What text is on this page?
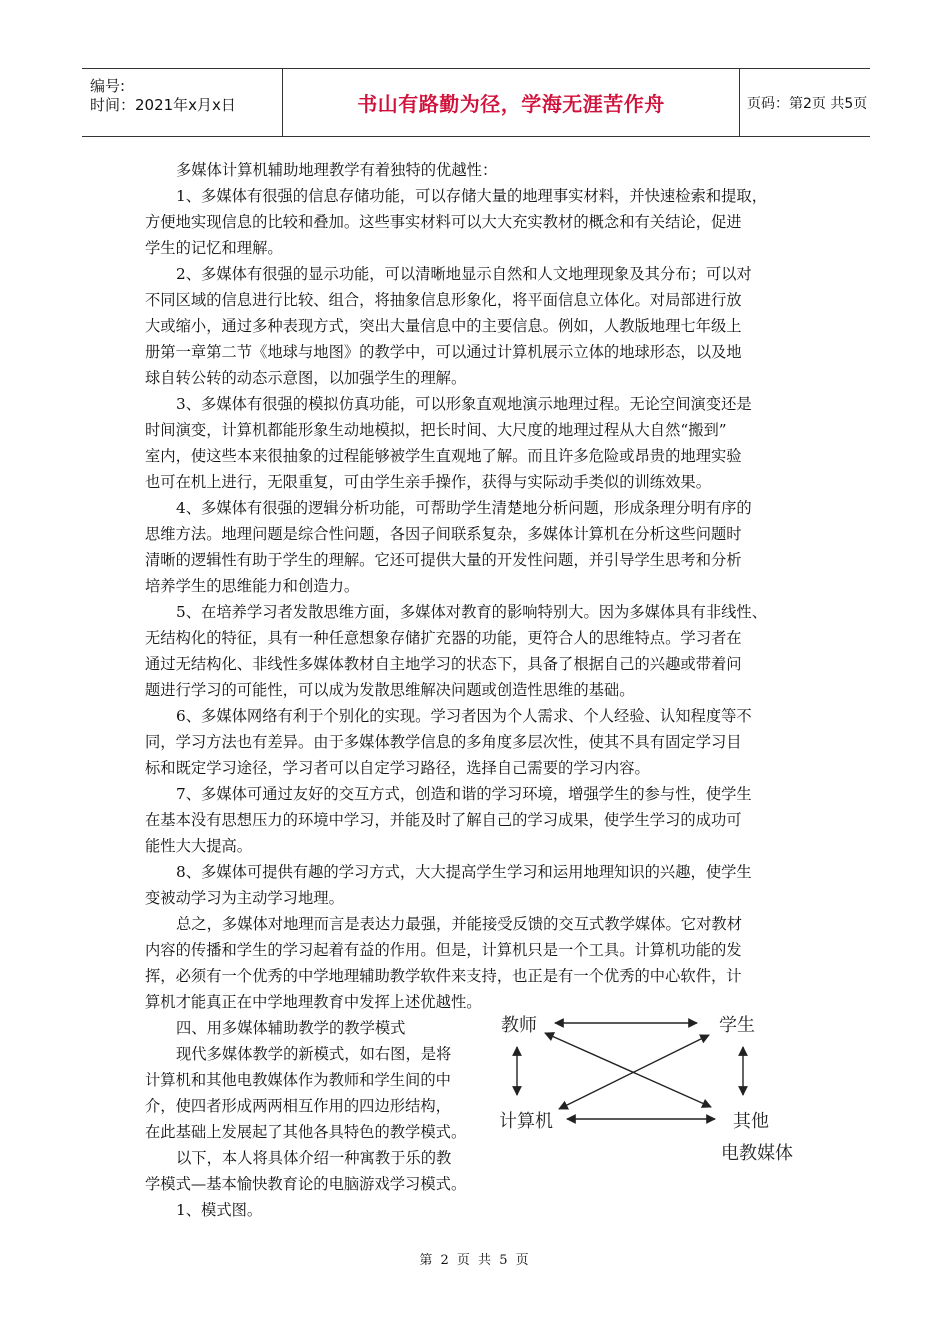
编号:
时间：2021年x月x日	书山有路勤为径，学海无涯苦作舟	页码：第2页 共5页
多媒体计算机辅助地理教学有着独特的优越性：
1、多媒体有很强的信息存储功能，可以存储大量的地理事实材料，并快速检索和提取，
方便地实现信息的比较和叠加。这些事实材料可以大大充实教材的概念和有关结论，促进
学生的记忆和理解。
2、多媒体有很强的显示功能，可以清晰地显示自然和人文地理现象及其分布；可以对
不同区域的信息进行比较、组合，将抽象信息形象化，将平面信息立体化。对局部进行放
大或缩小，通过多种表现方式，突出大量信息中的主要信息。例如，人教版地理七年级上
册第一章第二节《地球与地图》的教学中，可以通过计算机展示立体的地球形态，以及地
球自转公转的动态示意图，以加强学生的理解。
3、多媒体有很强的模拟仿真功能，可以形象直观地演示地理过程。无论空间演变还是
时间演变，计算机都能形象生动地模拟，把长时间、大尺度的地理过程从大自然“搬到”
室内，使这些本来很抽象的过程能够被学生直观地了解。而且许多危险或昂贵的地理实验
也可在机上进行，无限重复，可由学生亲手操作，获得与实际动手类似的训练效果。
4、多媒体有很强的逻辑分析功能，可帮助学生清楚地分析问题，形成条理分明有序的
思维方法。地理问题是综合性问题，各因子间联系复杂，多媒体计算机在分析这些问题时
清晰的逻辑性有助于学生的理解。它还可提供大量的开发性问题，并引导学生思考和分析
培养学生的思维能力和创造力。
5、在培养学习者发散思维方面，多媒体对教育的影响特别大。因为多媒体具有非线性、
无结构化的特征，具有一种任意想象存储扩充器的功能，更符合人的思维特点。学习者在
通过无结构化、非线性多媒体教材自主地学习的状态下，具备了根据自己的兴趣或带着问
题进行学习的可能性，可以成为发散思维解决问题或创造性思维的基础。
6、多媒体网络有利于个别化的实现。学习者因为个人需求、个人经验、认知程度等不
同，学习方法也有差异。由于多媒体教学信息的多角度多层次性，使其不具有固定学习目
标和既定学习途径，学习者可以自定学习路径，选择自己需要的学习内容。
7、多媒体可通过友好的交互方式，创造和谐的学习环境，增强学生的参与性，使学生
在基本没有思想压力的环境中学习，并能及时了解自己的学习成果，使学生学习的成功可
能性大大提高。
8、多媒体可提供有趣的学习方式，大大提高学生学习和运用地理知识的兴趣，使学生
变被动学习为主动学习地理。
总之，多媒体对地理而言是表达力最强，并能接受反馈的交互式教学媒体。它对教材
内容的传播和学生的学习起着有益的作用。但是，计算机只是一个工具。计算机功能的发
挥，必须有一个优秀的中学地理辅助教学软件来支持，也正是有一个优秀的中心软件，计
算机才能真正在中学地理教育中发挥上述优越性。
四、用多媒体辅助教学的教学模式
现代多媒体教学的新模式，如右图，是将
计算机和其他电教媒体作为教师和学生间的中
介，使四者形成两两相互作用的四边形结构，
在此基础上发展起了其他各具特色的教学模式。
以下，本人将具体介绍一种寓教于乐的教
学模式—基本愉快教育论的电脑游戏学习模式。
1、模式图。
教师	学生
计算机	其他
电教媒体
第 2 页 共 5 页
